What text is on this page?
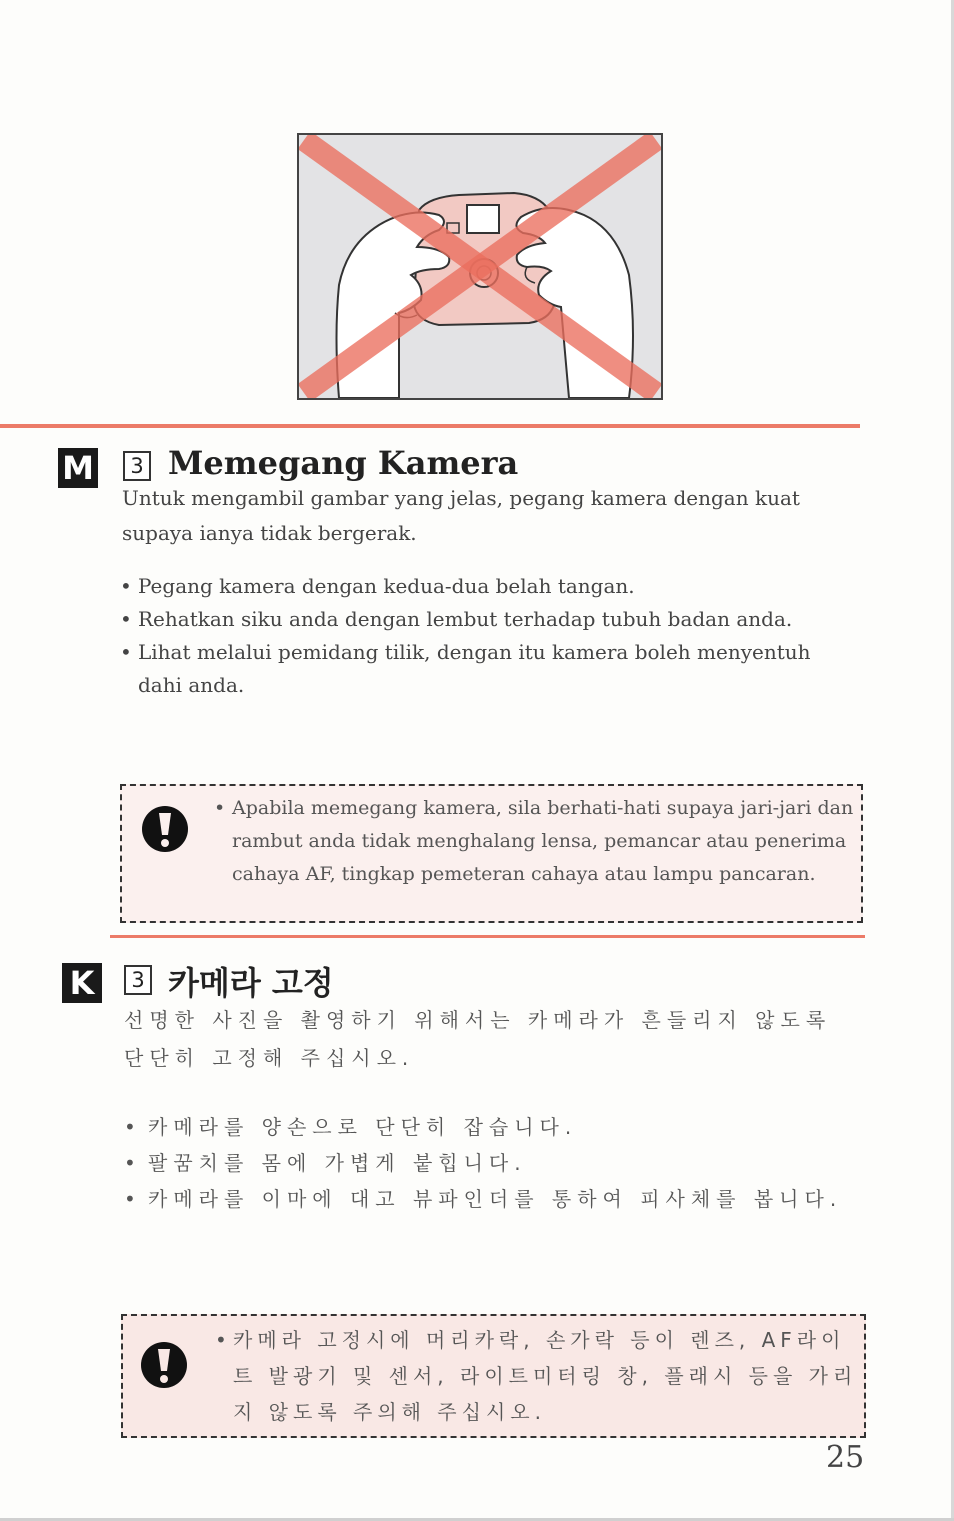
M	3 Memegang Kamera
Untuk mengambil gambar yang jelas, pegang kamera dengan kuat supaya ianya tidak bergerak.
• Pegang kamera dengan kedua-dua belah tangan.
• Rehatkan siku anda dengan lembut terhadap tubuh badan anda.
• Lihat melalui pemidang tilik, dengan itu kamera boleh menyentuh dahi anda.

• Apabila memegang kamera, sila berhati-hati supaya jari-jari dan rambut anda tidak menghalang lensa, pemancar atau penerima cahaya AF, tingkap pemeteran cahaya atau lampu pancaran.

K	3 카메라 고정
선명한 사진을 촬영하기 위해서는 카메라가 흔들리지 않도록 단단히 고정해 주십시오.
• 카메라를 양손으로 단단히 잡습니다.
• 팔꿈치를 몸에 가볍게 붙힙니다.
• 카메라를 이마에 대고 뷰파인더를 통하여 피사체를 봅니다.

• 카메라 고정시에 머리카락, 손가락 등이 렌즈, AF라이트 발광기 및 센서, 라이트미터링 창, 플래시 등을 가리지 않도록 주의해 주십시오.

25
